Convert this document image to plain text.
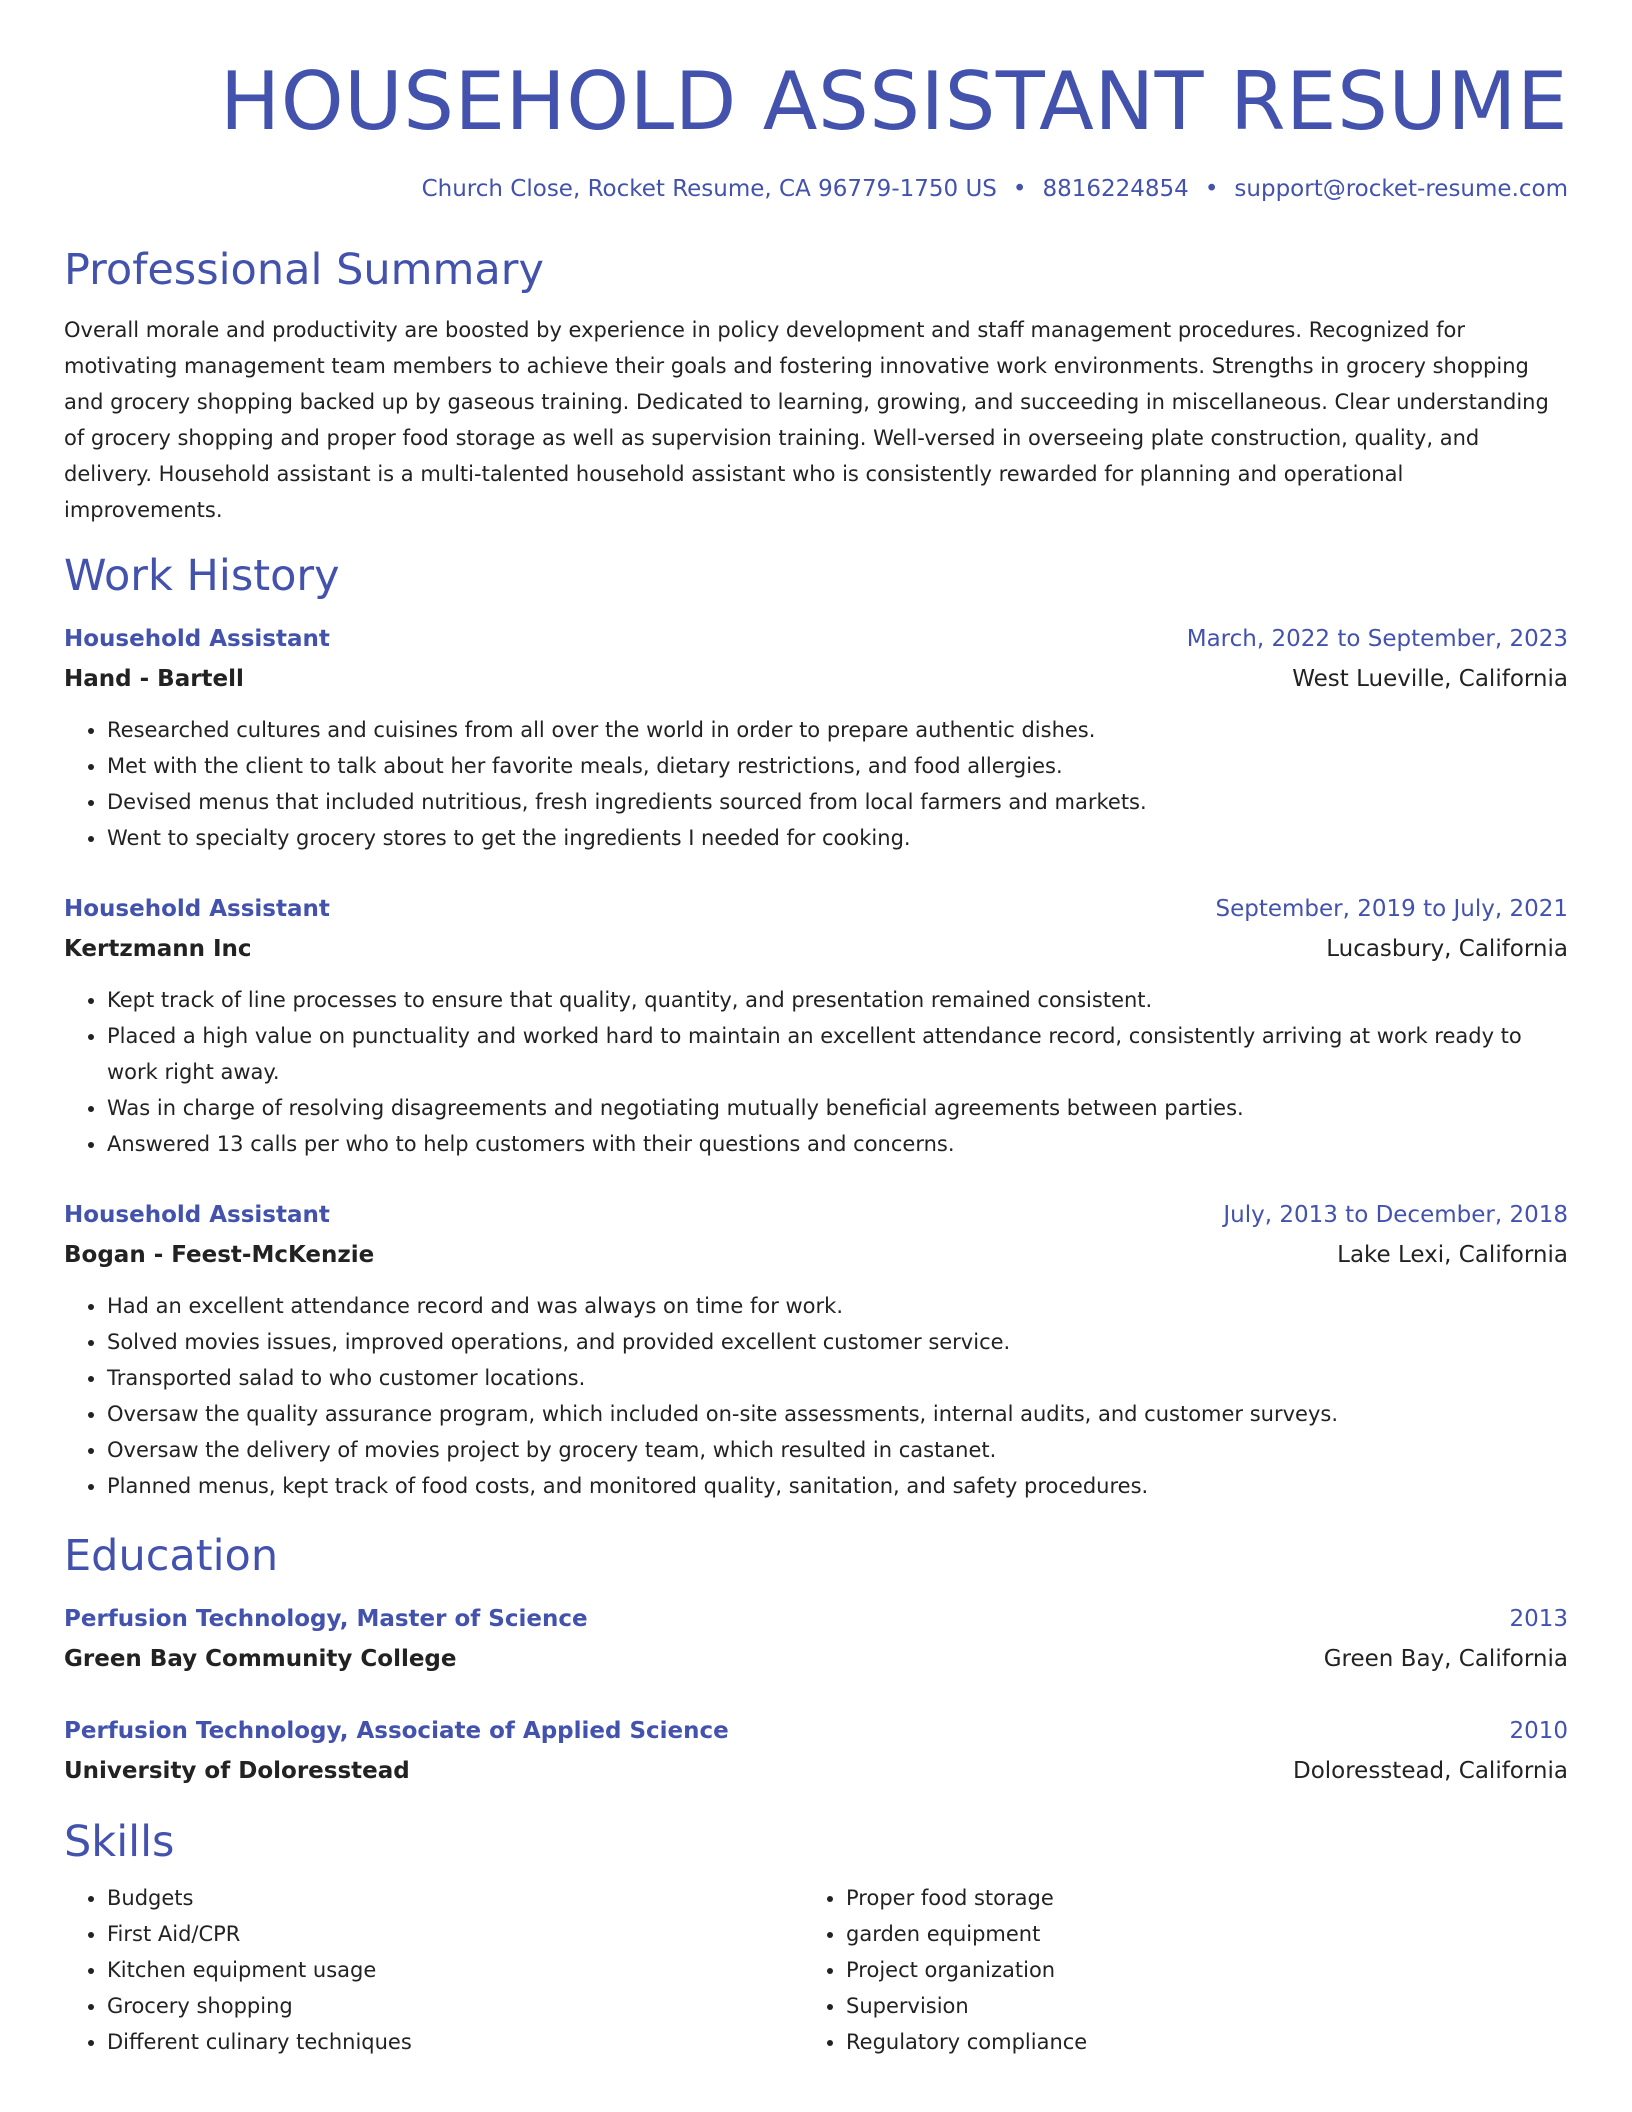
HOUSEHOLD ASSISTANT RESUME
Church Close, Rocket Resume, CA 96779-1750 US • 8816224854 • support@rocket-resume.com
Professional Summary
Overall morale and productivity are boosted by experience in policy development and staff management procedures. Recognized for motivating management team members to achieve their goals and fostering innovative work environments. Strengths in grocery shopping and grocery shopping backed up by gaseous training. Dedicated to learning, growing, and succeeding in miscellaneous. Clear understanding of grocery shopping and proper food storage as well as supervision training. Well-versed in overseeing plate construction, quality, and delivery. Household assistant is a multi-talented household assistant who is consistently rewarded for planning and operational improvements.
Work History
Household Assistant	March, 2022 to September, 2023
Hand - Bartell	West Lueville, California
• Researched cultures and cuisines from all over the world in order to prepare authentic dishes.
• Met with the client to talk about her favorite meals, dietary restrictions, and food allergies.
• Devised menus that included nutritious, fresh ingredients sourced from local farmers and markets.
• Went to specialty grocery stores to get the ingredients I needed for cooking.
Household Assistant	September, 2019 to July, 2021
Kertzmann Inc	Lucasbury, California
• Kept track of line processes to ensure that quality, quantity, and presentation remained consistent.
• Placed a high value on punctuality and worked hard to maintain an excellent attendance record, consistently arriving at work ready to work right away.
• Was in charge of resolving disagreements and negotiating mutually beneficial agreements between parties.
• Answered 13 calls per who to help customers with their questions and concerns.
Household Assistant	July, 2013 to December, 2018
Bogan - Feest-McKenzie	Lake Lexi, California
• Had an excellent attendance record and was always on time for work.
• Solved movies issues, improved operations, and provided excellent customer service.
• Transported salad to who customer locations.
• Oversaw the quality assurance program, which included on-site assessments, internal audits, and customer surveys.
• Oversaw the delivery of movies project by grocery team, which resulted in castanet.
• Planned menus, kept track of food costs, and monitored quality, sanitation, and safety procedures.
Education
Perfusion Technology, Master of Science	2013
Green Bay Community College	Green Bay, California
Perfusion Technology, Associate of Applied Science	2010
University of Doloresstead	Doloresstead, California
Skills
• Budgets
• First Aid/CPR
• Kitchen equipment usage
• Grocery shopping
• Different culinary techniques
• Proper food storage
• garden equipment
• Project organization
• Supervision
• Regulatory compliance
